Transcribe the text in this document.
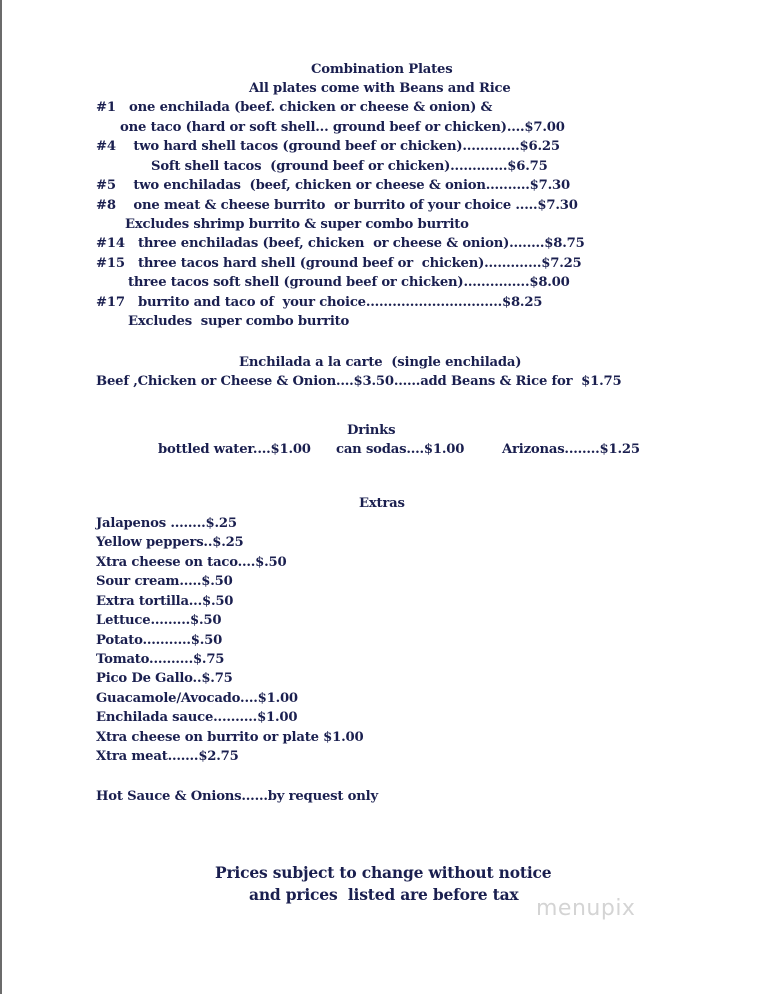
Combination Plates
All plates come with Beans and Rice
#1   one enchilada (beef. chicken or cheese & onion) &
one taco (hard or soft shell... ground beef or chicken)....$7.00
#4    two hard shell tacos (ground beef or chicken).............$6.25
Soft shell tacos  (ground beef or chicken).............$6.75
#5    two enchiladas  (beef, chicken or cheese & onion..........$7.30
#8    one meat & cheese burrito  or burrito of your choice .....$7.30
Excludes shrimp burrito & super combo burrito
#14   three enchiladas (beef, chicken  or cheese & onion)........$8.75
#15   three tacos hard shell (ground beef or  chicken).............$7.25
three tacos soft shell (ground beef or chicken)...............$8.00
#17   burrito and taco of  your choice...............................$8.25
Excludes  super combo burrito
Enchilada a la carte  (single enchilada)
Beef ,Chicken or Cheese & Onion....$3.50......add Beans & Rice for  $1.75
Drinks
bottled water....$1.00 can sodas....$1.00	Arizonas........$1.25
Extras
Jalapenos ........$.25
Yellow peppers..$.25
Xtra cheese on taco....$.50
Sour cream.....$.50
Extra tortilla...$.50
Lettuce.........$.50
Potato...........$.50
Tomato..........$.75
Pico De Gallo..$.75
Guacamole/Avocado....$1.00
Enchilada sauce..........$1.00
Xtra cheese on burrito or plate $1.00
Xtra meat.......$2.75
Hot Sauce & Onions......by request only
Prices subject to change without notice
and prices  listed are before tax
menupix
